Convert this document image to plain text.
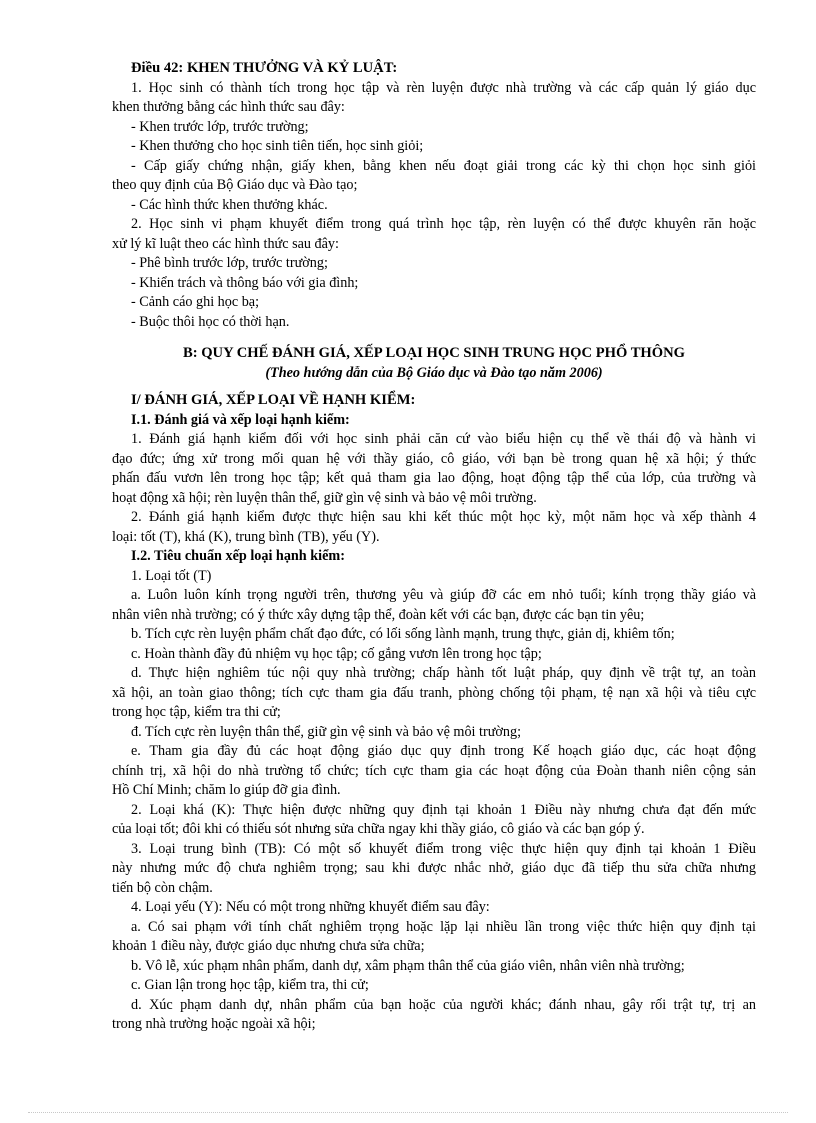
Điều 42: KHEN THƯỞNG VÀ KỶ LUẬT:
1. Học sinh có thành tích trong học tập và rèn luyện được nhà trường và các cấp quản lý giáo dục
khen thưởng bằng các hình thức sau đây:
- Khen trước lớp, trước trường;
- Khen thưởng cho học sinh tiên tiến, học sinh giỏi;
- Cấp giấy chứng nhận, giấy khen, bằng khen nếu đoạt giải trong các kỳ thi chọn học sinh giỏi
theo quy định của Bộ Giáo dục và Đào tạo;
- Các hình thức khen thưởng khác.
2. Học sinh vi phạm khuyết điểm trong quá trình học tập, rèn luyện có thể được khuyên răn hoặc
xử lý kĩ luật theo các hình thức sau đây:
- Phê bình trước lớp, trước trường;
- Khiển trách và thông báo với gia đình;
- Cảnh cáo ghi học bạ;
- Buộc thôi học có thời hạn.
B: QUY CHẾ ĐÁNH GIÁ, XẾP LOẠI HỌC SINH TRUNG HỌC PHỔ THÔNG
(Theo hướng dẫn của Bộ Giáo dục và Đào tạo năm 2006)
I/ ĐÁNH GIÁ, XẾP LOẠI VỀ HẠNH KIỂM:
I.1. Đánh giá và xếp loại hạnh kiểm:
1. Đánh giá hạnh kiểm đối với học sinh phải căn cứ vào biểu hiện cụ thể về thái độ và hành vi
đạo đức; ứng xử trong mối quan hệ với thầy giáo, cô giáo, với bạn bè trong quan hệ xã hội; ý thức
phấn đấu vươn lên trong học tập; kết quả tham gia lao động, hoạt động tập thể của lớp, của trường và
hoạt động xã hội; rèn luyện thân thể, giữ gìn vệ sinh và bảo vệ môi trường.
2. Đánh giá hạnh kiểm được thực hiện sau khi kết thúc một học kỳ, một năm học và xếp thành 4
loại: tốt (T), khá (K), trung bình (TB), yếu (Y).
I.2. Tiêu chuẩn xếp loại hạnh kiểm:
1. Loại tốt (T)
a. Luôn luôn kính trọng người trên, thương yêu và giúp đỡ các em nhỏ tuổi; kính trọng thầy giáo và
nhân viên nhà trường; có ý thức xây dựng tập thể, đoàn kết với các bạn, được các bạn tin yêu;
b. Tích cực rèn luyện phẩm chất đạo đức, có lối sống lành mạnh, trung thực, giản dị, khiêm tốn;
c. Hoàn thành đầy đủ nhiệm vụ học tập; cố gắng vươn lên trong học tập;
d. Thực hiện nghiêm túc nội quy nhà trường; chấp hành tốt luật pháp, quy định về trật tự, an toàn
xã hội, an toàn giao thông; tích cực tham gia đấu tranh, phòng chống tội phạm, tệ nạn xã hội và tiêu cực
trong học tập, kiểm tra thi cử;
đ. Tích cực rèn luyện thân thể, giữ gìn vệ sinh và bảo vệ môi trường;
e. Tham gia đầy đủ các hoạt động giáo dục quy định trong Kế hoạch giáo dục, các hoạt động
chính trị, xã hội do nhà trường tổ chức; tích cực tham gia các hoạt động của Đoàn thanh niên cộng sản
Hồ Chí Minh; chăm lo giúp đỡ gia đình.
2. Loại khá (K): Thực hiện được những quy định tại khoản 1 Điều này nhưng chưa đạt đến mức
của loại tốt; đôi khi có thiếu sót nhưng sửa chữa ngay khi thầy giáo, cô giáo và các bạn góp ý.
3. Loại trung bình (TB): Có một số khuyết điểm trong việc thực hiện quy định tại khoản 1 Điều
này nhưng mức độ chưa nghiêm trọng; sau khi được nhắc nhở, giáo dục đã tiếp thu sửa chữa nhưng
tiến bộ còn chậm.
4. Loại yếu (Y): Nếu có một trong những khuyết điểm sau đây:
a. Có sai phạm với tính chất nghiêm trọng hoặc lặp lại nhiều lần trong việc thức hiện quy định tại
khoản 1 điều này, được giáo dục nhưng chưa sửa chữa;
b. Vô lễ, xúc phạm nhân phẩm, danh dự, xâm phạm thân thể của giáo viên, nhân viên nhà trường;
c. Gian lận trong học tập, kiểm tra, thi cử;
d. Xúc phạm danh dự, nhân phẩm của bạn hoặc của người khác; đánh nhau, gây rối trật tự, trị an
trong nhà trường hoặc ngoài xã hội;
